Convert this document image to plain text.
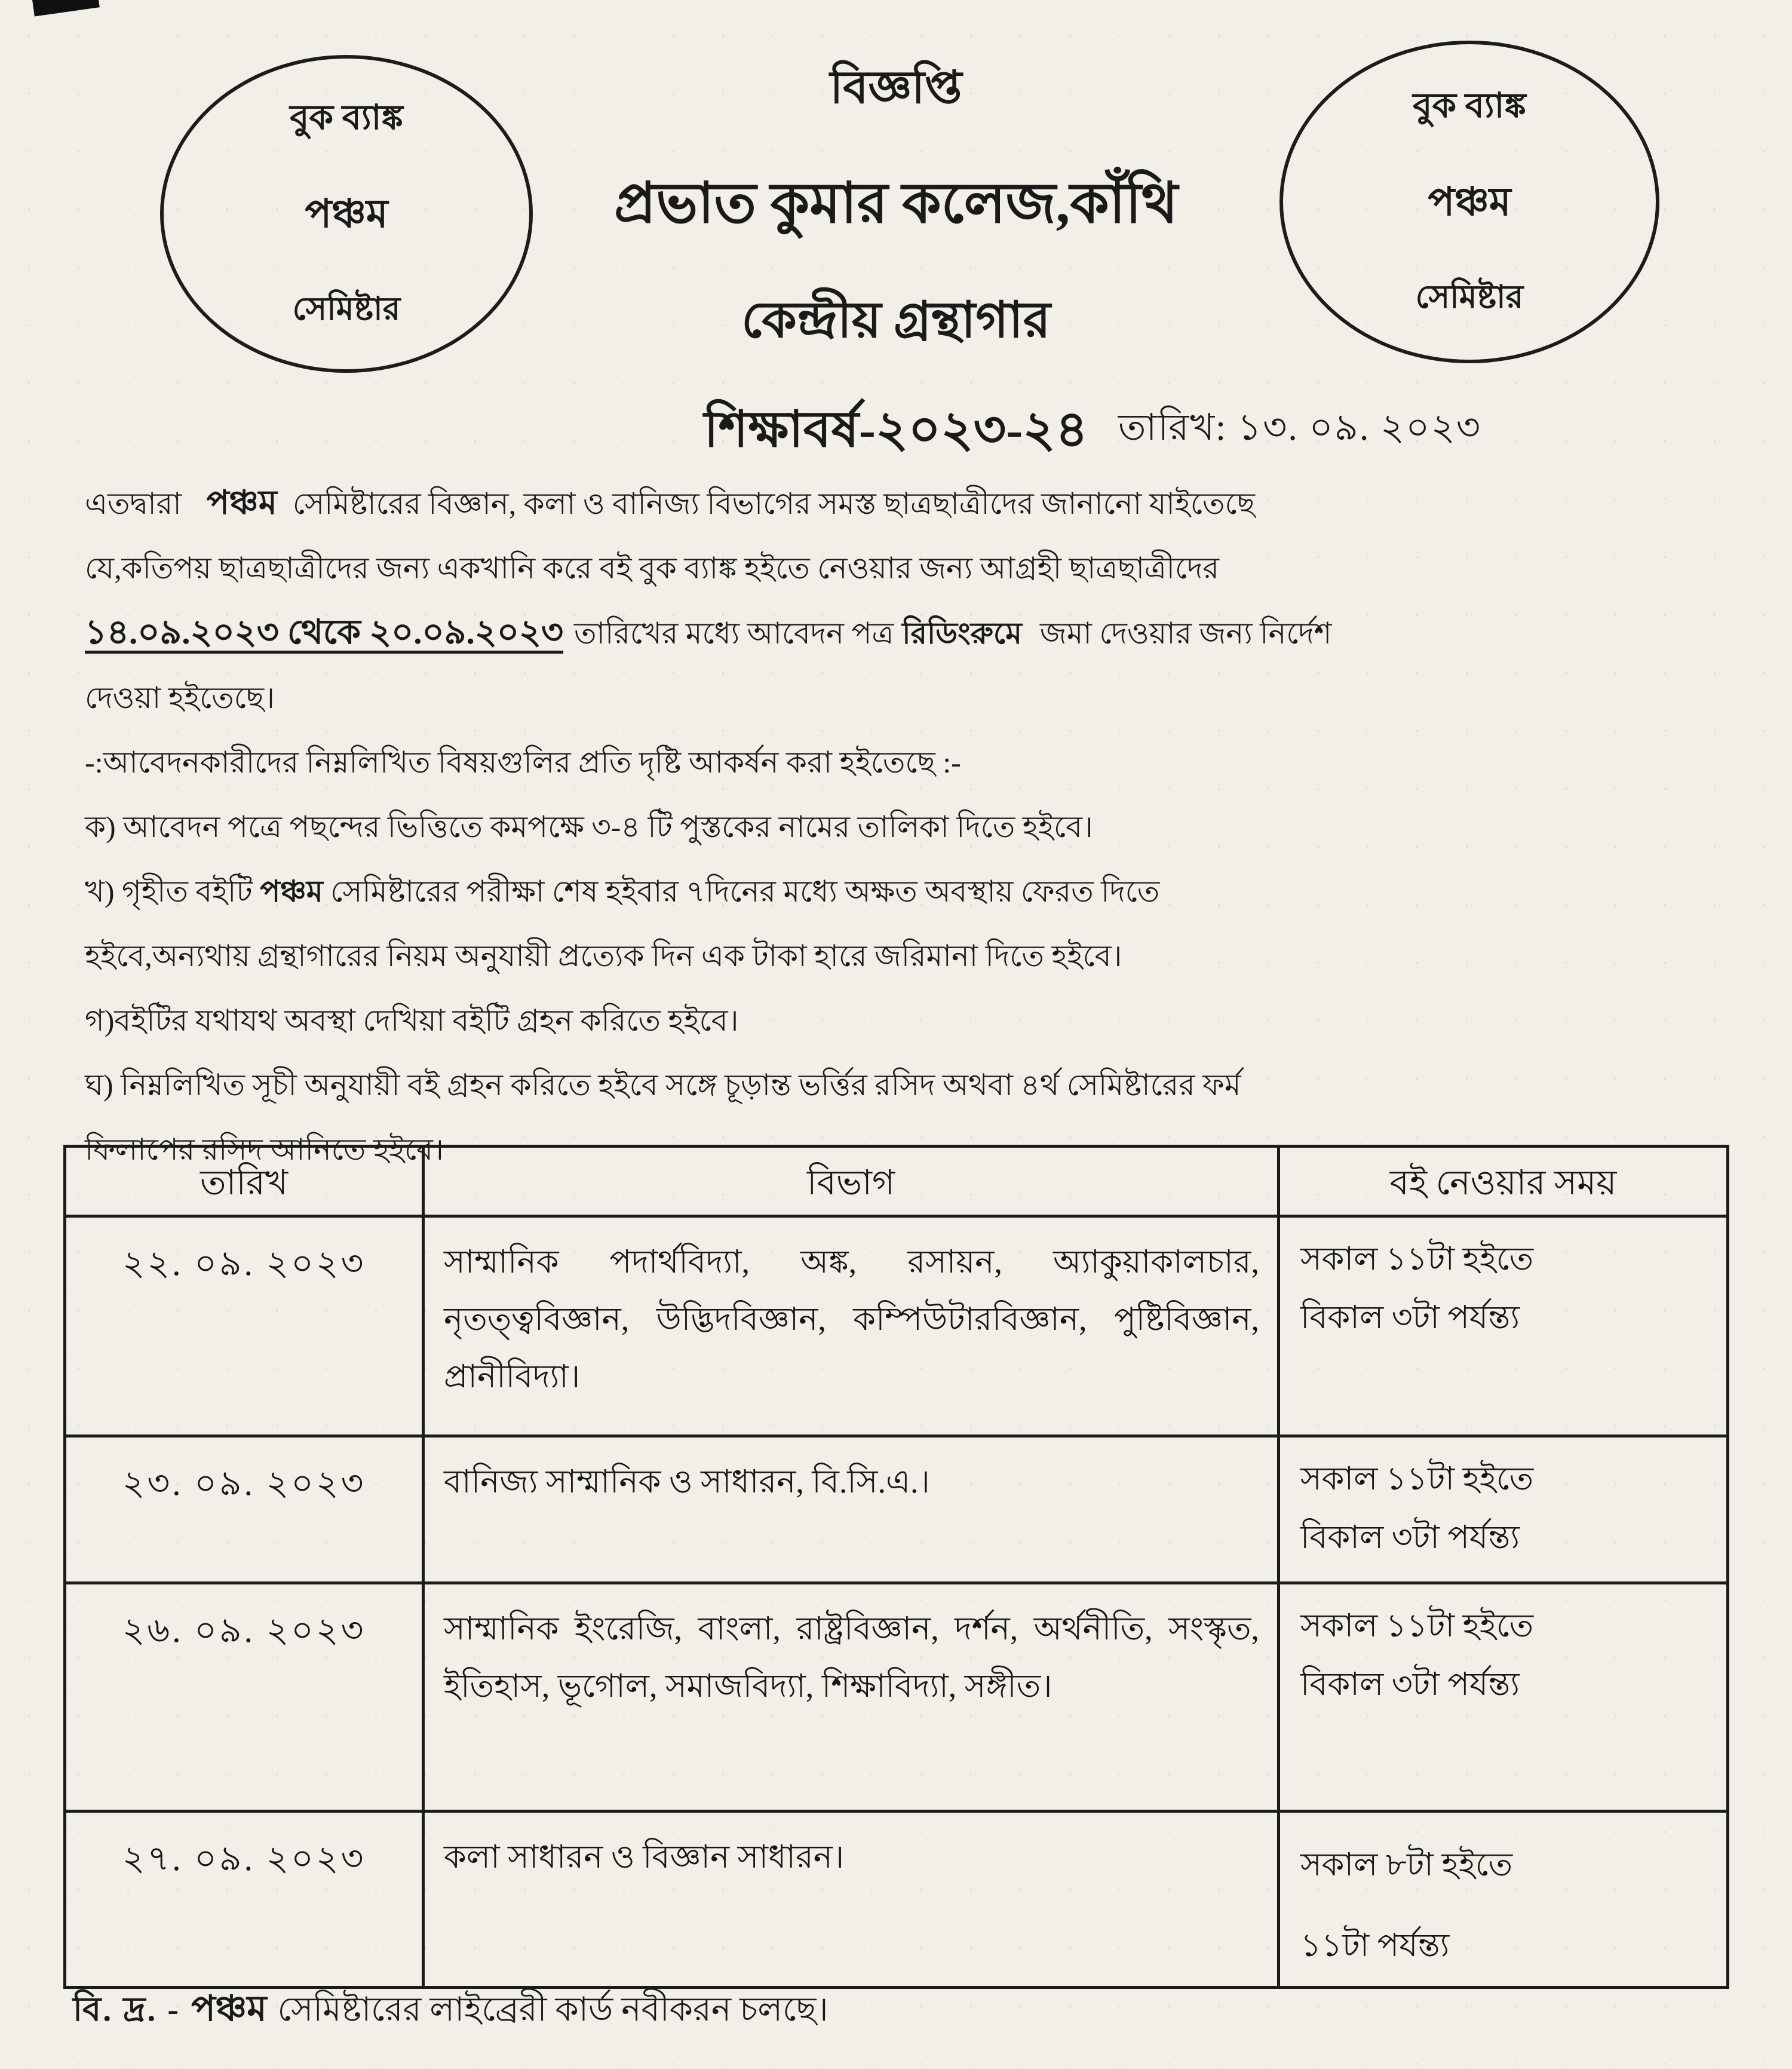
বুক ব্যাঙ্ক
পঞ্চম
সেমিষ্টার
বুক ব্যাঙ্ক
পঞ্চম
সেমিষ্টার
বিজ্ঞপ্তি
প্রভাত কুমার কলেজ,কাঁথি
কেন্দ্রীয় গ্রন্থাগার
শিক্ষাবর্ষ-২০২৩-২৪ তারিখ: ১৩. ০৯. ২০২৩
এতদ্বারা পঞ্চম সেমিষ্টারের বিজ্ঞান, কলা ও বানিজ্য বিভাগের সমস্ত ছাত্রছাত্রীদের জানানো যাইতেছে
যে,কতিপয় ছাত্রছাত্রীদের জন্য একখানি করে বই বুক ব্যাঙ্ক হইতে নেওয়ার জন্য আগ্রহী ছাত্রছাত্রীদের
১৪.০৯.২০২৩ থেকে ২০.০৯.২০২৩ তারিখের মধ্যে আবেদন পত্র রিডিংরুমে জমা দেওয়ার জন্য নির্দেশ
দেওয়া হইতেছে।
-:আবেদনকারীদের নিম্নলিখিত বিষয়গুলির প্রতি দৃষ্টি আকর্ষন করা হইতেছে :-
ক) আবেদন পত্রে পছন্দের ভিত্তিতে কমপক্ষে ৩-৪ টি পুস্তকের নামের তালিকা দিতে হইবে।
খ) গৃহীত বইটি পঞ্চম সেমিষ্টারের পরীক্ষা শেষ হইবার ৭দিনের মধ্যে অক্ষত অবস্থায় ফেরত দিতে
হইবে,অন্যথায় গ্রন্থাগারের নিয়ম অনুযায়ী প্রত্যেক দিন এক টাকা হারে জরিমানা দিতে হইবে।
গ)বইটির যথাযথ অবস্থা দেখিয়া বইটি গ্রহন করিতে হইবে।
ঘ) নিম্নলিখিত সূচী অনুযায়ী বই গ্রহন করিতে হইবে সঙ্গে চূড়ান্ত ভর্ত্তির রসিদ অথবা ৪র্থ সেমিষ্টারের ফর্ম
ফিলাপের রসিদ আনিতে হইবে।
তারিখ	বিভাগ	বই নেওয়ার সময়
২২. ০৯. ২০২৩	সাম্মানিক পদার্থবিদ্যা, অঙ্ক, রসায়ন, অ্যাকুয়াকালচার, নৃতত্ত্ববিজ্ঞান, উদ্ভিদবিজ্ঞান, কম্পিউটারবিজ্ঞান, পুষ্টিবিজ্ঞান, প্রানীবিদ্যা।	সকাল ১১টা হইতে
বিকাল ৩টা পর্যন্ত্য

২৩. ০৯. ২০২৩	বানিজ্য সাম্মানিক ও সাধারন, বি.সি.এ.।	সকাল ১১টা হইতে
বিকাল ৩টা পর্যন্ত্য

২৬. ০৯. ২০২৩	সাম্মানিক ইংরেজি, বাংলা, রাষ্ট্রবিজ্ঞান, দর্শন, অর্থনীতি, সংস্কৃত, ইতিহাস, ভূগোল, সমাজবিদ্যা, শিক্ষাবিদ্যা, সঙ্গীত।	সকাল ১১টা হইতে
বিকাল ৩টা পর্যন্ত্য

২৭. ০৯. ২০২৩	কলা সাধারন ও বিজ্ঞান সাধারন।	সকাল ৮টা হইতে
১১টা পর্যন্ত্য
বি. দ্র. - পঞ্চম সেমিষ্টারের লাইব্রেরী কার্ড নবীকরন চলছে।
